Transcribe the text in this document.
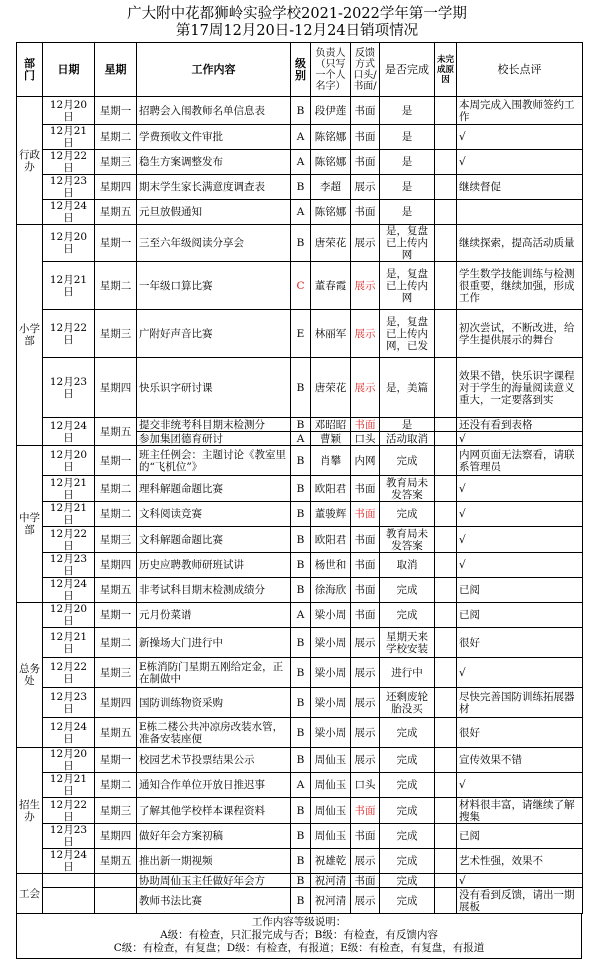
广大附中花都狮岭实验学校2021-2022学年第一学期
第17周12月20日-12月24日销项情况
部门	日期	星期	工作内容	级别	负责人（只写一个人名字）	反馈方式口头/书面/	是否完成	未完成原因	校长点评
行政办	12月20日	星期一	招聘会入闱教师名单信息表	B	段伊莲	书面	是		本周完成入围教师签约工作
	12月21日	星期二	学费预收文件审批	A	陈铭娜	书面	是		√
	12月22日	星期三	稳生方案调整发布	A	陈铭娜	书面	是		√
	12月23日	星期四	期末学生家长满意度调查表	B	李超	展示	是		继续督促
	12月24日	星期五	元旦放假通知	A	陈铭娜	书面	是		
小学部	12月20日	星期一	三至六年级阅读分享会	B	唐荣花	展示	是，复盘已上传内网		继续探索，提高活动质量
	12月21日	星期二	一年级口算比赛	C	董春霞	展示	是，复盘已上传内网		学生数学技能训练与检测很重要，继续加强，形成工作
	12月22日	星期三	广附好声音比赛	E	林丽军	展示	是，复盘已上传内网，已发		初次尝试，不断改进，给学生提供展示的舞台
	12月23日	星期四	快乐识字研讨课	B	唐荣花	展示	是，美篇		效果不错，快乐识字课程对于学生的海量阅读意义重大，一定要落到实
	12月24日	星期五	提交非统考科目期末检测分	B	邓昭昭	书面	是		还没有看到表格
			参加集团德育研讨	A	曹颖	口头	活动取消		√
中学部	12月20日	星期一	班主任例会：主题讨论《教室里的“飞机位”》	B	肖攀	内网	完成		内网页面无法察看，请联系管理员
	12月21日	星期二	理科解题命题比赛	B	欧阳君	书面	教育局未发答案		√
	12月21日	星期二	文科阅读竞赛	B	董骏辉	书面	完成		√
	12月22日	星期三	文科解题命题比赛	B	欧阳君	书面	教育局未发答案		√
	12月23日	星期四	历史应聘教师研班试讲	B	杨世和	书面	取消		√
	12月24日	星期五	非考试科目期末检测成绩分	B	徐海欣	书面	完成		已阅
总务处	12月20日	星期一	元月份菜谱	A	梁小周	书面	完成		已阅
	12月21日	星期二	新操场大门进行中	B	梁小周	展示	星期天来学校安装		很好
	12月22日	星期三	E栋消防门星期五刚给定金，正在制做中	B	梁小周	展示	进行中		√
	12月23日	星期四	国防训练物资采购	B	梁小周	展示	还剩废轮胎没买		尽快完善国防训练拓展器材
	12月24日	星期五	E栋二楼公共冲凉房改装水管，准备安装座便	B	梁小周	展示	完成		很好
招生办	12月20日	星期一	校园艺术节投票结果公示	B	周仙玉	展示	完成		宣传效果不错
	12月21日	星期二	通知合作单位开放日推迟事	A	周仙玉	口头	完成		√
	12月22日	星期三	了解其他学校样本课程资料	B	周仙玉	书面	完成		材料很丰富，请继续了解搜集
	12月23日	星期四	做好年会方案初稿	B	周仙玉	书面	完成		已阅
	12月24日	星期五	推出新一期视频	B	祝雄乾	展示	完成		艺术性强，效果不
工会			协助周仙玉主任做好年会方	B	祝河清	书面	完成		√
			教师书法比赛	B	祝河清	展示	完成		没有看到反馈，请出一期展板
工作内容等级说明：
A级：有检查，只汇报完成与否；B级：有检查，有反馈内容
C级：有检查，有复盘；D级：有检查，有报道；E级：有检查，有复盘，有报道
